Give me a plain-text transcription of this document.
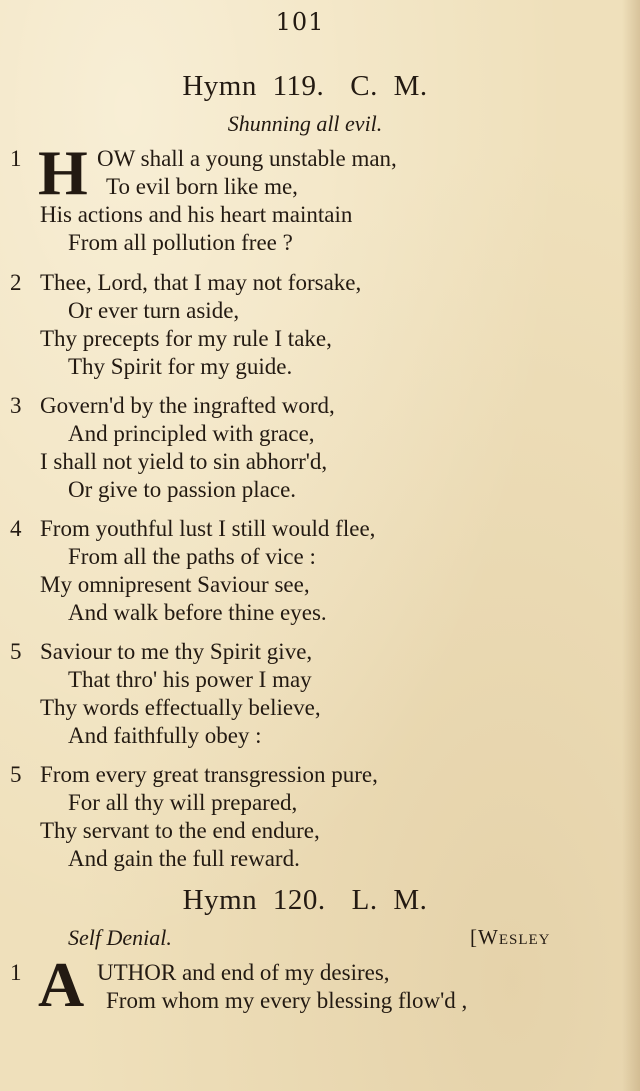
101
Hymn 119. C. M.
Shunning all evil.
1 H OW shall a young unstable man,
To evil born like me,
His actions and his heart maintain
From all pollution free ?
2 Thee, Lord, that I may not forsake,
Or ever turn aside,
Thy precepts for my rule I take,
Thy Spirit for my guide.
3 Govern'd by the ingrafted word,
And principled with grace,
I shall not yield to sin abhorr'd,
Or give to passion place.
4 From youthful lust I still would flee,
From all the paths of vice :
My omnipresent Saviour see,
And walk before thine eyes.
5 Saviour to me thy Spirit give,
That thro' his power I may
Thy words effectually believe,
And faithfully obey :
5 From every great transgression pure,
For all thy will prepared,
Thy servant to the end endure,
And gain the full reward.
Hymn 120. L. M.
Self Denial.	[Wesley
1 A UTHOR and end of my desires,
From whom my every blessing flow'd ,
